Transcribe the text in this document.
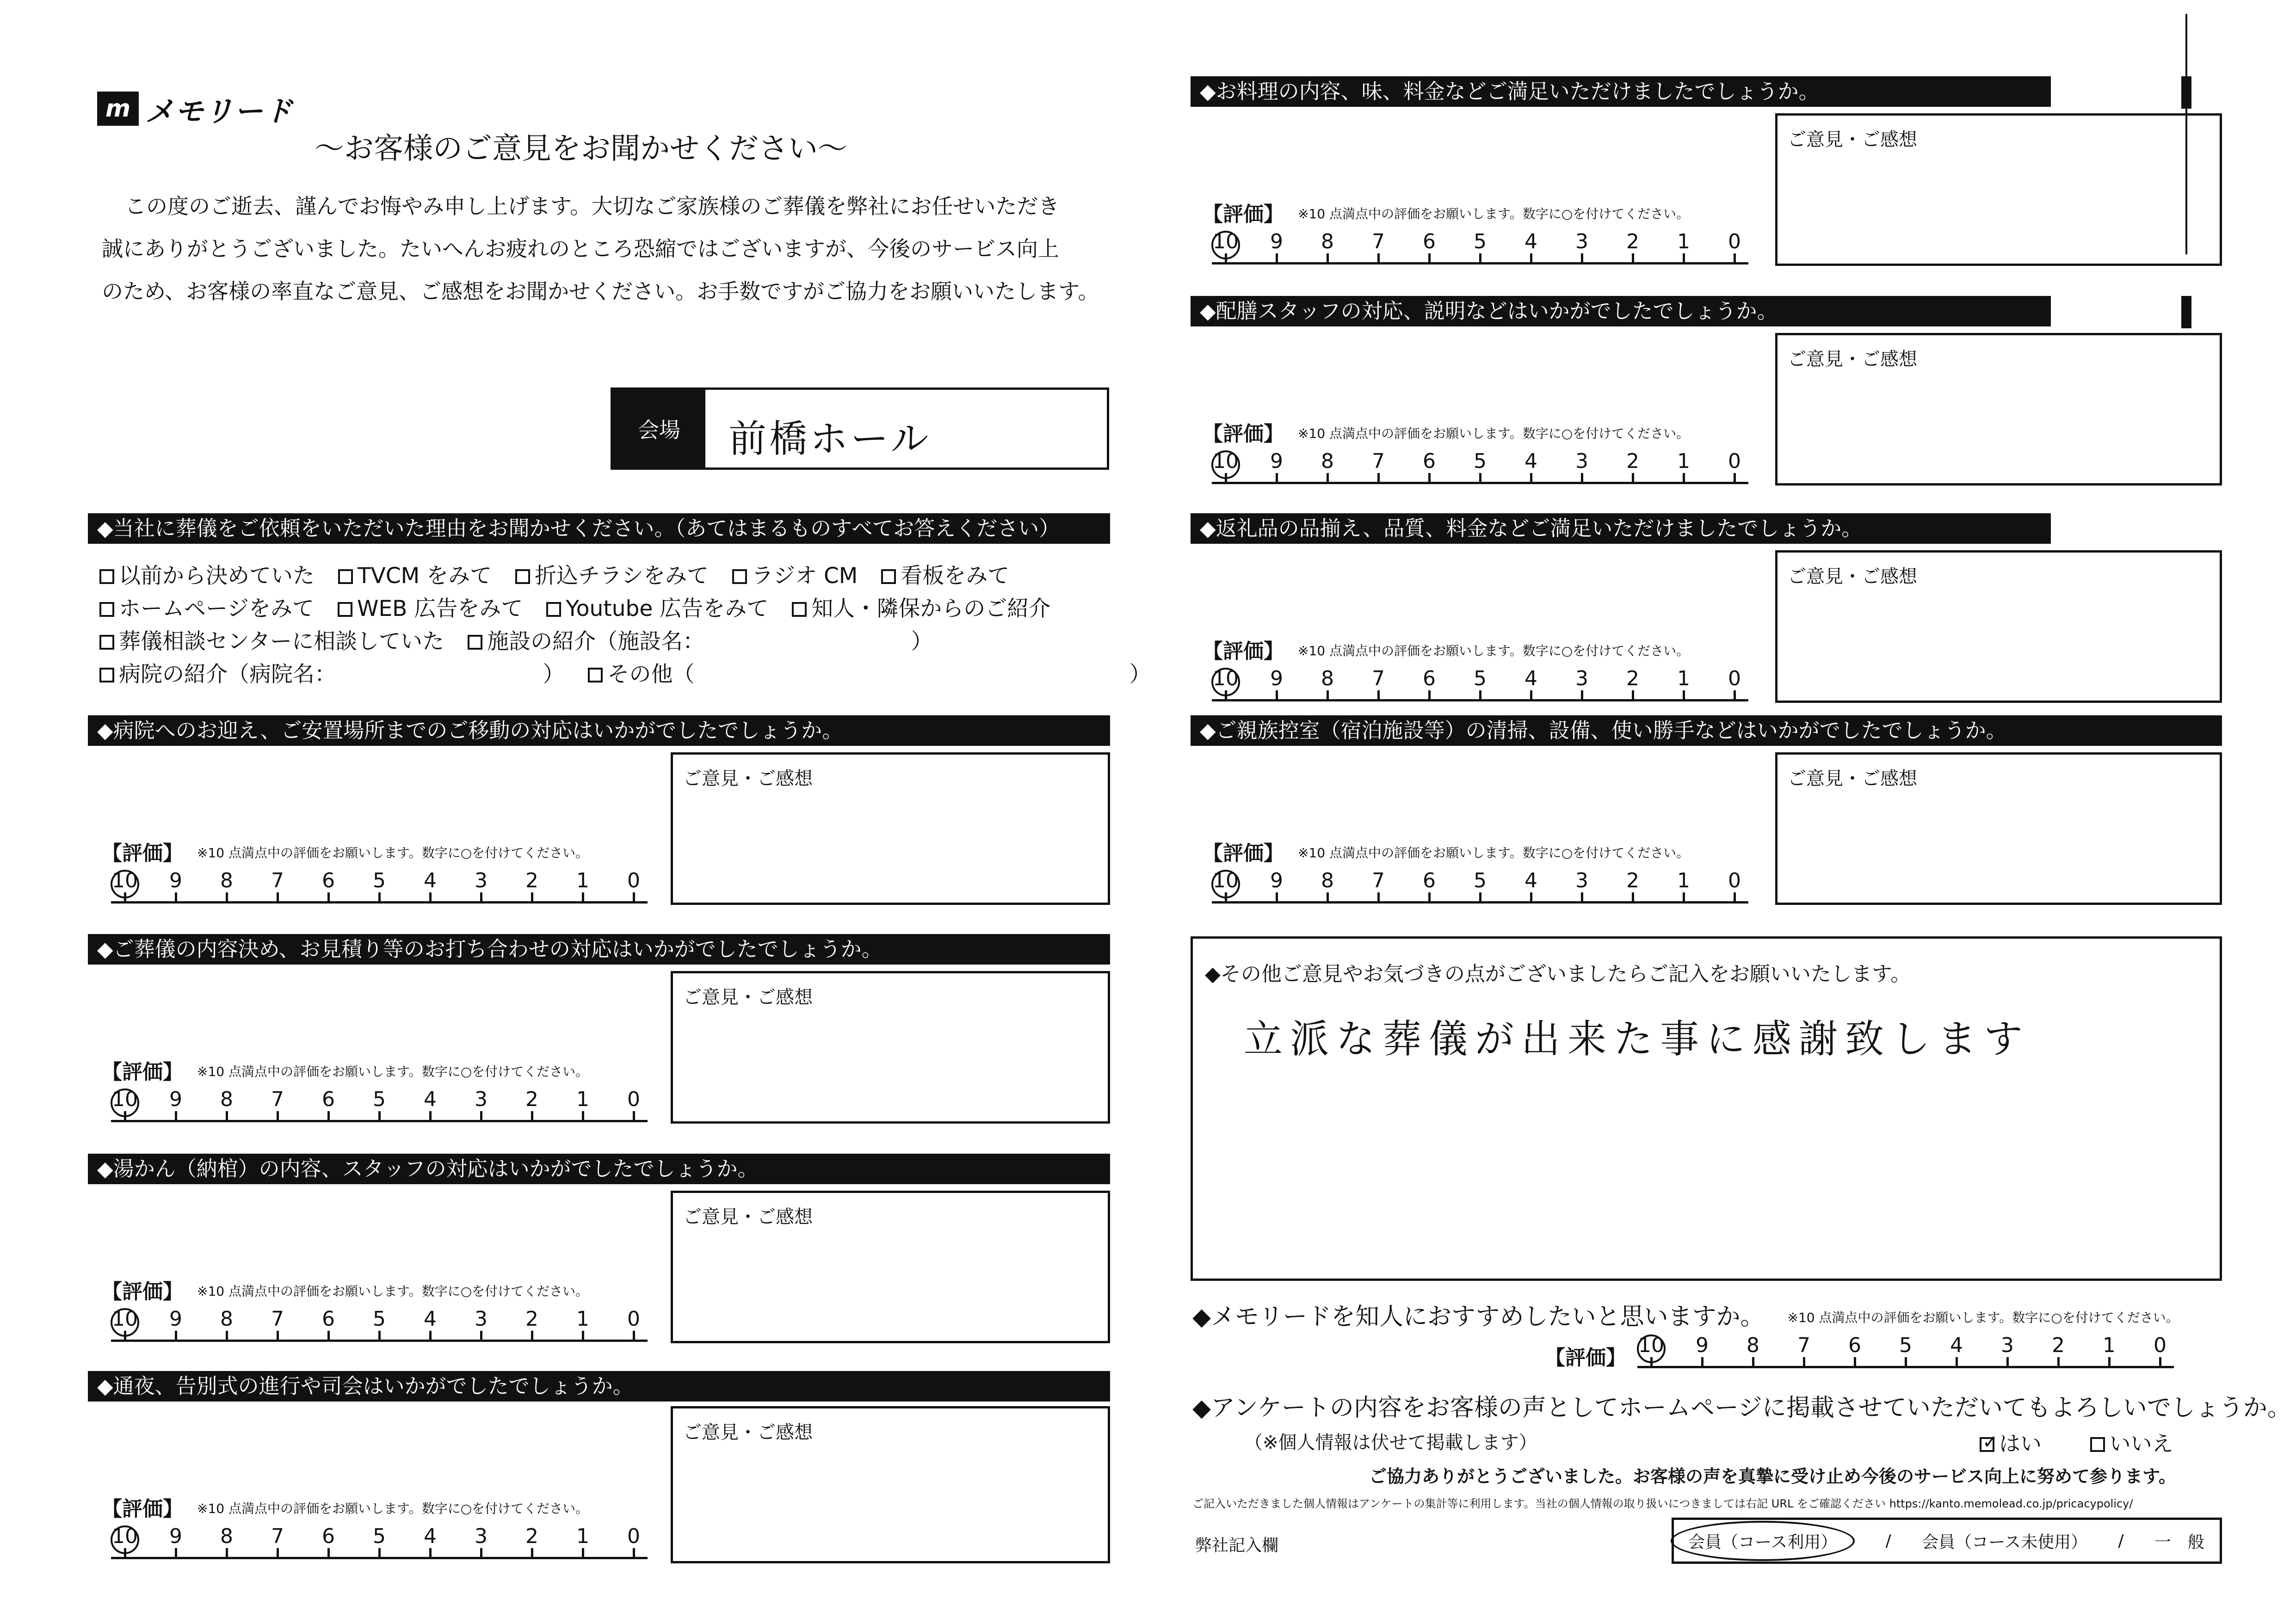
m メモリード
〜お客様のご意見をお聞かせください〜
この度のご逝去、謹んでお悔やみ申し上げます。大切なご家族様のご葬儀を弊社にお任せいただき
誠にありがとうございました。たいへんお疲れのところ恐縮ではございますが、今後のサービス向上
のため、お客様の率直なご意見、ご感想をお聞かせください。お手数ですがご協力をお願いいたします。
会場	前橋ホール
◆当社に葬儀をご依頼をいただいた理由をお聞かせください。（あてはまるものすべてお答えください）
以前から決めていた TVCM をみて 折込チラシをみて ラジオ CM 看板をみて
ホームページをみて WEB 広告をみて Youtube 広告をみて 知人・隣保からのご紹介
葬儀相談センターに相談していた 施設の紹介（施設名：　　　　　　　　　　）
病院の紹介（病院名：　　　　　　　　　　） その他（　　　　　　　　　　　　　　　　　　　　）
◆病院へのお迎え、ご安置場所までのご移動の対応はいかがでしたでしょうか。
【評価】 ※10 点満点中の評価をお願いします。数字に○を付けてください。
10	9	8	7	6	5	4	3	2	1	0
ご意見・ご感想
◆ご葬儀の内容決め、お見積り等のお打ち合わせの対応はいかがでしたでしょうか。
【評価】 ※10 点満点中の評価をお願いします。数字に○を付けてください。
10	9	8	7	6	5	4	3	2	1	0
ご意見・ご感想
◆湯かん（納棺）の内容、スタッフの対応はいかがでしたでしょうか。
【評価】 ※10 点満点中の評価をお願いします。数字に○を付けてください。
10	9	8	7	6	5	4	3	2	1	0
ご意見・ご感想
◆通夜、告別式の進行や司会はいかがでしたでしょうか。
【評価】 ※10 点満点中の評価をお願いします。数字に○を付けてください。
10	9	8	7	6	5	4	3	2	1	0
ご意見・ご感想
◆お料理の内容、味、料金などご満足いただけましたでしょうか。
【評価】 ※10 点満点中の評価をお願いします。数字に○を付けてください。
10	9	8	7	6	5	4	3	2	1	0
ご意見・ご感想
◆配膳スタッフの対応、説明などはいかがでしたでしょうか。
【評価】 ※10 点満点中の評価をお願いします。数字に○を付けてください。
10	9	8	7	6	5	4	3	2	1	0
ご意見・ご感想
◆返礼品の品揃え、品質、料金などご満足いただけましたでしょうか。
【評価】 ※10 点満点中の評価をお願いします。数字に○を付けてください。
10	9	8	7	6	5	4	3	2	1	0
ご意見・ご感想
◆ご親族控室（宿泊施設等）の清掃、設備、使い勝手などはいかがでしたでしょうか。
【評価】 ※10 点満点中の評価をお願いします。数字に○を付けてください。
10	9	8	7	6	5	4	3	2	1	0
ご意見・ご感想
◆その他ご意見やお気づきの点がございましたらご記入をお願いいたします。
立派な葬儀が出来た事に感謝致します
◆メモリードを知人におすすめしたいと思いますか。 ※10 点満点中の評価をお願いします。数字に○を付けてください。
【評価】
10	9	8	7	6	5	4	3	2	1	0
◆アンケートの内容をお客様の声としてホームページに掲載させていただいてもよろしいでしょうか。
（※個人情報は伏せて掲載します）	✓ はい	いいえ
ご協力ありがとうございました。お客様の声を真摯に受け止め今後のサービス向上に努めて参ります。
ご記入いただきました個人情報はアンケートの集計等に利用します。当社の個人情報の取り扱いにつきましては右記 URL をご確認ください https://kanto.memolead.co.jp/pricacypolicy/
弊社記入欄	会員（コース利用）	/ 会員（コース未使用） / 一　般
